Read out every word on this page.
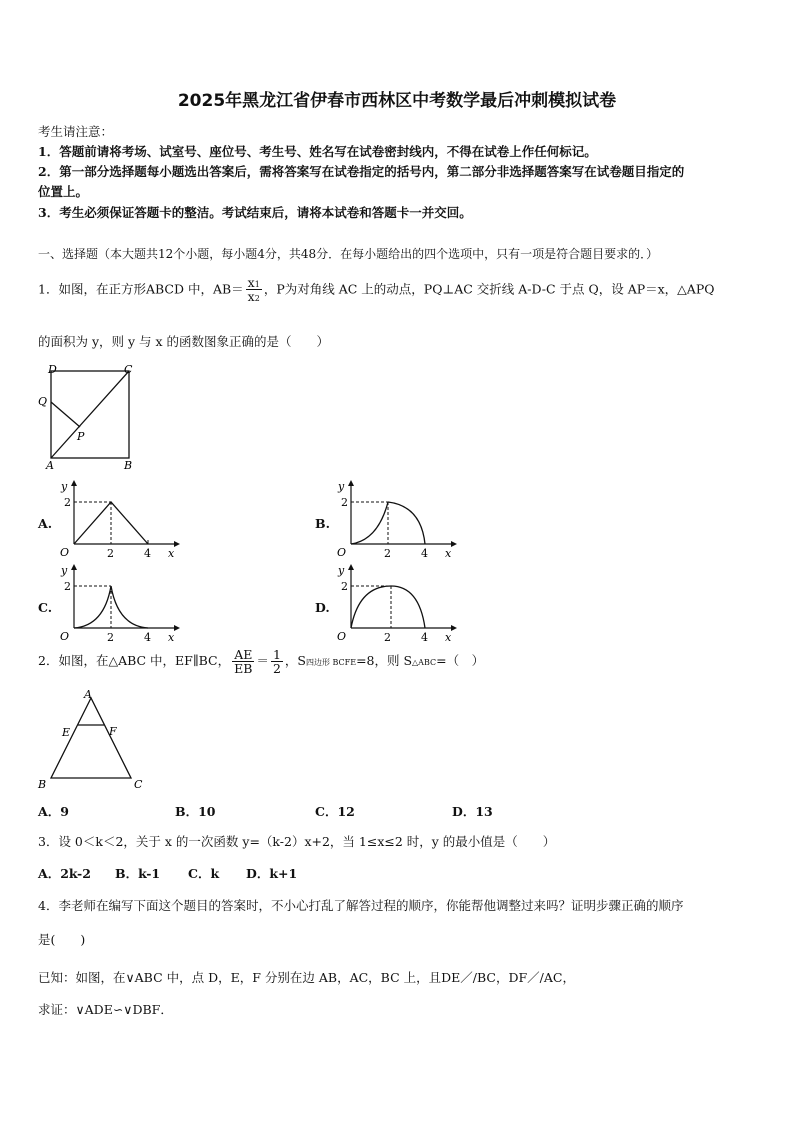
2025年黑龙江省伊春市西林区中考数学最后冲刺模拟试卷
考生请注意：
1．答题前请将考场、试室号、座位号、考生号、姓名写在试卷密封线内，不得在试卷上作任何标记。
2．第一部分选择题每小题选出答案后，需将答案写在试卷指定的括号内，第二部分非选择题答案写在试卷题目指定的
位置上。
3．考生必须保证答题卡的整洁。考试结束后，请将本试卷和答题卡一并交回。
一、选择题（本大题共12个小题，每小题4分，共48分．在每小题给出的四个选项中，只有一项是符合题目要求的．）
1．如图，在正方形ABCD 中，$AB= \frac{x1}{x2}$ ，P为对角线 AC 上的动点，PQ⊥AC 交折线 A-D-C 于点 Q，设 AP＝x，△APQ
的面积为 y，则 y 与 x 的函数图象正确的是（　　）
D	C
Q
P
A	B
A.
y
2
O	2	4 x
B.
y
2
O	2	4 x
C.
y
2
O	2	4 x
D.
y
2
O	2	4 x
2．如图，在△ABC 中，EF∥BC， $\frac{AE}{EB} = \frac{1}{2}$ ，S四边形 BCFE=8，则 S△ABC=（　）
A
E	F
B	C
A．9	B．10	C．12	D．13
3．设 0＜k＜2，关于 x 的一次函数 y=（k-2）x+2，当 1≤x≤2 时，y 的最小值是（　　）
A．2k-2 B．k-1 C．k D．k+1
4．李老师在编写下面这个题目的答案时，不小心打乱了解答过程的顺序，你能帮他调整过来吗？证明步骤正确的顺序
是(　　)
已知：如图，在∨ABC 中，点 D，E，F 分别在边 AB，AC，BC 上，且DE／/BC，DF／/AC，
求证：∨ADE∽∨DBF．
